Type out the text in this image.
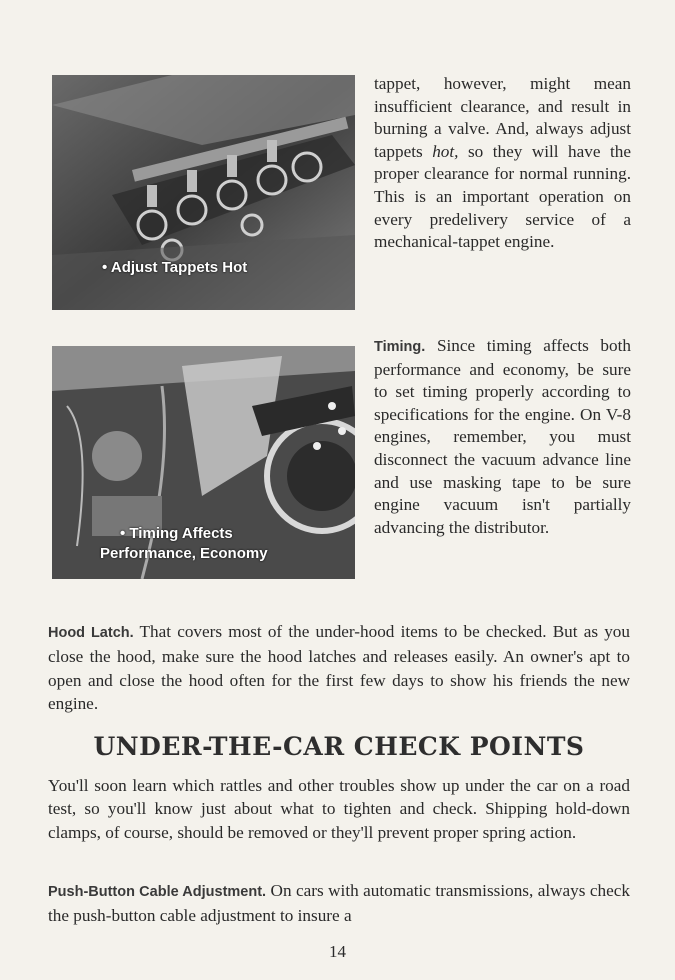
• Adjust Tappets Hot
• Timing Affects
Performance, Economy

tappet, however, might mean insufficient clearance, and result in burning a valve. And, always adjust tappets hot, so they will have the proper clearance for normal running. This is an important operation on every predelivery service of a mechanical-tappet engine.

Timing. Since timing affects both performance and economy, be sure to set timing properly according to specifications for the engine. On V-8 engines, remember, you must disconnect the vacuum advance line and use masking tape to be sure engine vacuum isn't partially advancing the distributor.

Hood Latch. That covers most of the under-hood items to be checked. But as you close the hood, make sure the hood latches and releases easily. An owner's apt to open and close the hood often for the first few days to show his friends the new engine.

UNDER-THE-CAR CHECK POINTS

You'll soon learn which rattles and other troubles show up under the car on a road test, so you'll know just about what to tighten and check. Shipping hold-down clamps, of course, should be removed or they'll prevent proper spring action.

Push-Button Cable Adjustment. On cars with automatic transmissions, always check the push-button cable adjustment to insure a

14
